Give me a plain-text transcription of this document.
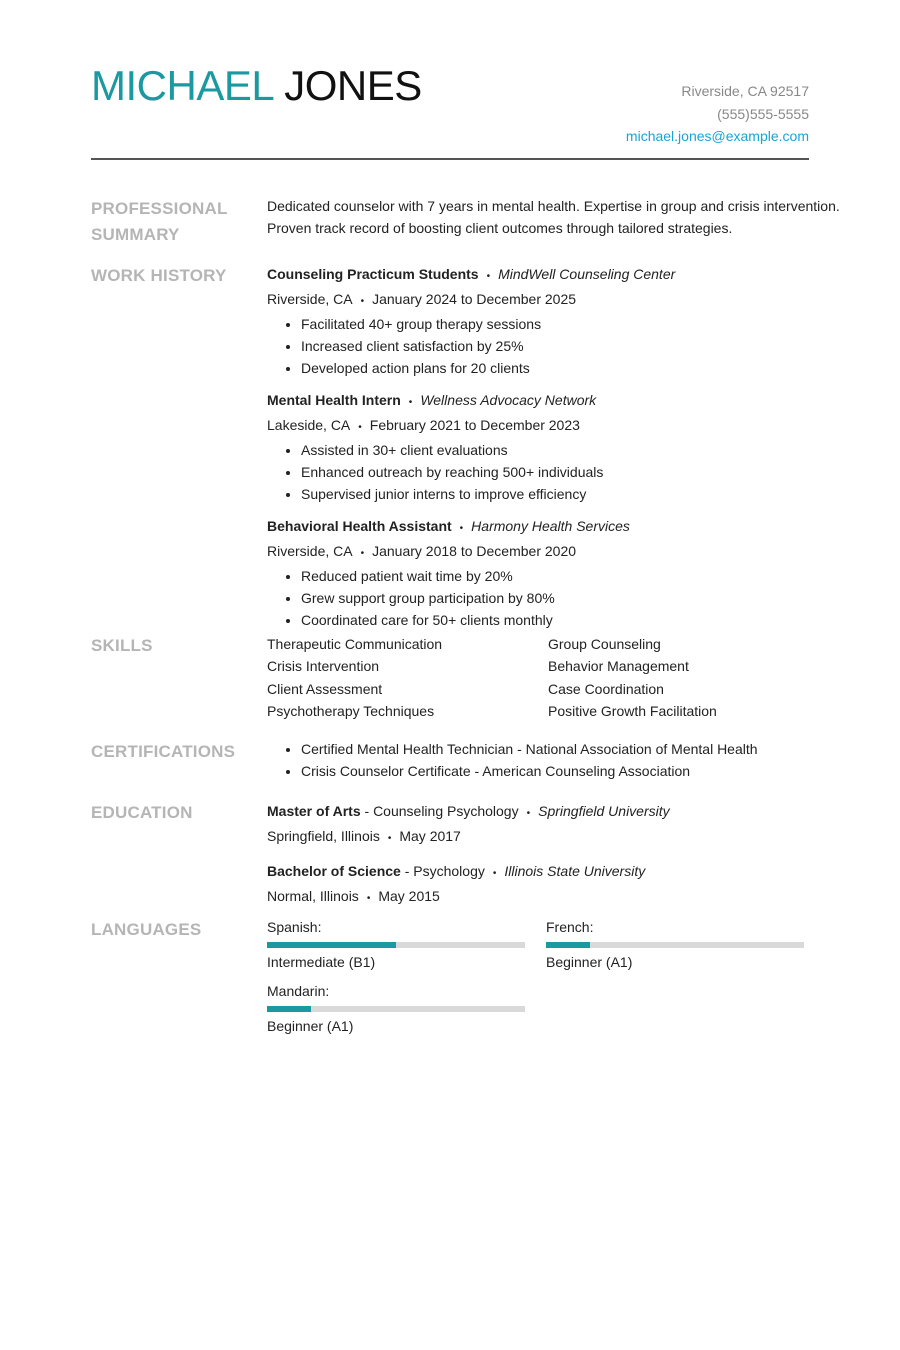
MICHAEL JONES	Riverside, CA 92517
(555)555-5555
michael.jones@example.com
PROFESSIONAL
SUMMARY
Dedicated counselor with 7 years in mental health. Expertise in group and crisis intervention.
Proven track record of boosting client outcomes through tailored strategies.
WORK HISTORY	Counseling Practicum Students • MindWell Counseling Center
Riverside, CA • January 2024 to December 2025
• Facilitated 40+ group therapy sessions
• Increased client satisfaction by 25%
• Developed action plans for 20 clients
Mental Health Intern • Wellness Advocacy Network
Lakeside, CA • February 2021 to December 2023
• Assisted in 30+ client evaluations
• Enhanced outreach by reaching 500+ individuals
• Supervised junior interns to improve efficiency
Behavioral Health Assistant • Harmony Health Services
Riverside, CA • January 2018 to December 2020
• Reduced patient wait time by 20%
• Grew support group participation by 80%
• Coordinated care for 50+ clients monthly
SKILLS	Therapeutic Communication	Group Counseling
Crisis Intervention	Behavior Management
Client Assessment	Case Coordination
Psychotherapy Techniques	Positive Growth Facilitation
CERTIFICATIONS
•	Certified Mental Health Technician - National Association of Mental Health
• Crisis Counselor Certificate - American Counseling Association
EDUCATION	Master of Arts - Counseling Psychology • Springfield University
Springfield, Illinois • May 2017
Bachelor of Science - Psychology • Illinois State University
Normal, Illinois • May 2015
LANGUAGES	Spanish:
Intermediate (B1)
French:
Beginner (A1)
Mandarin:
Beginner (A1)
